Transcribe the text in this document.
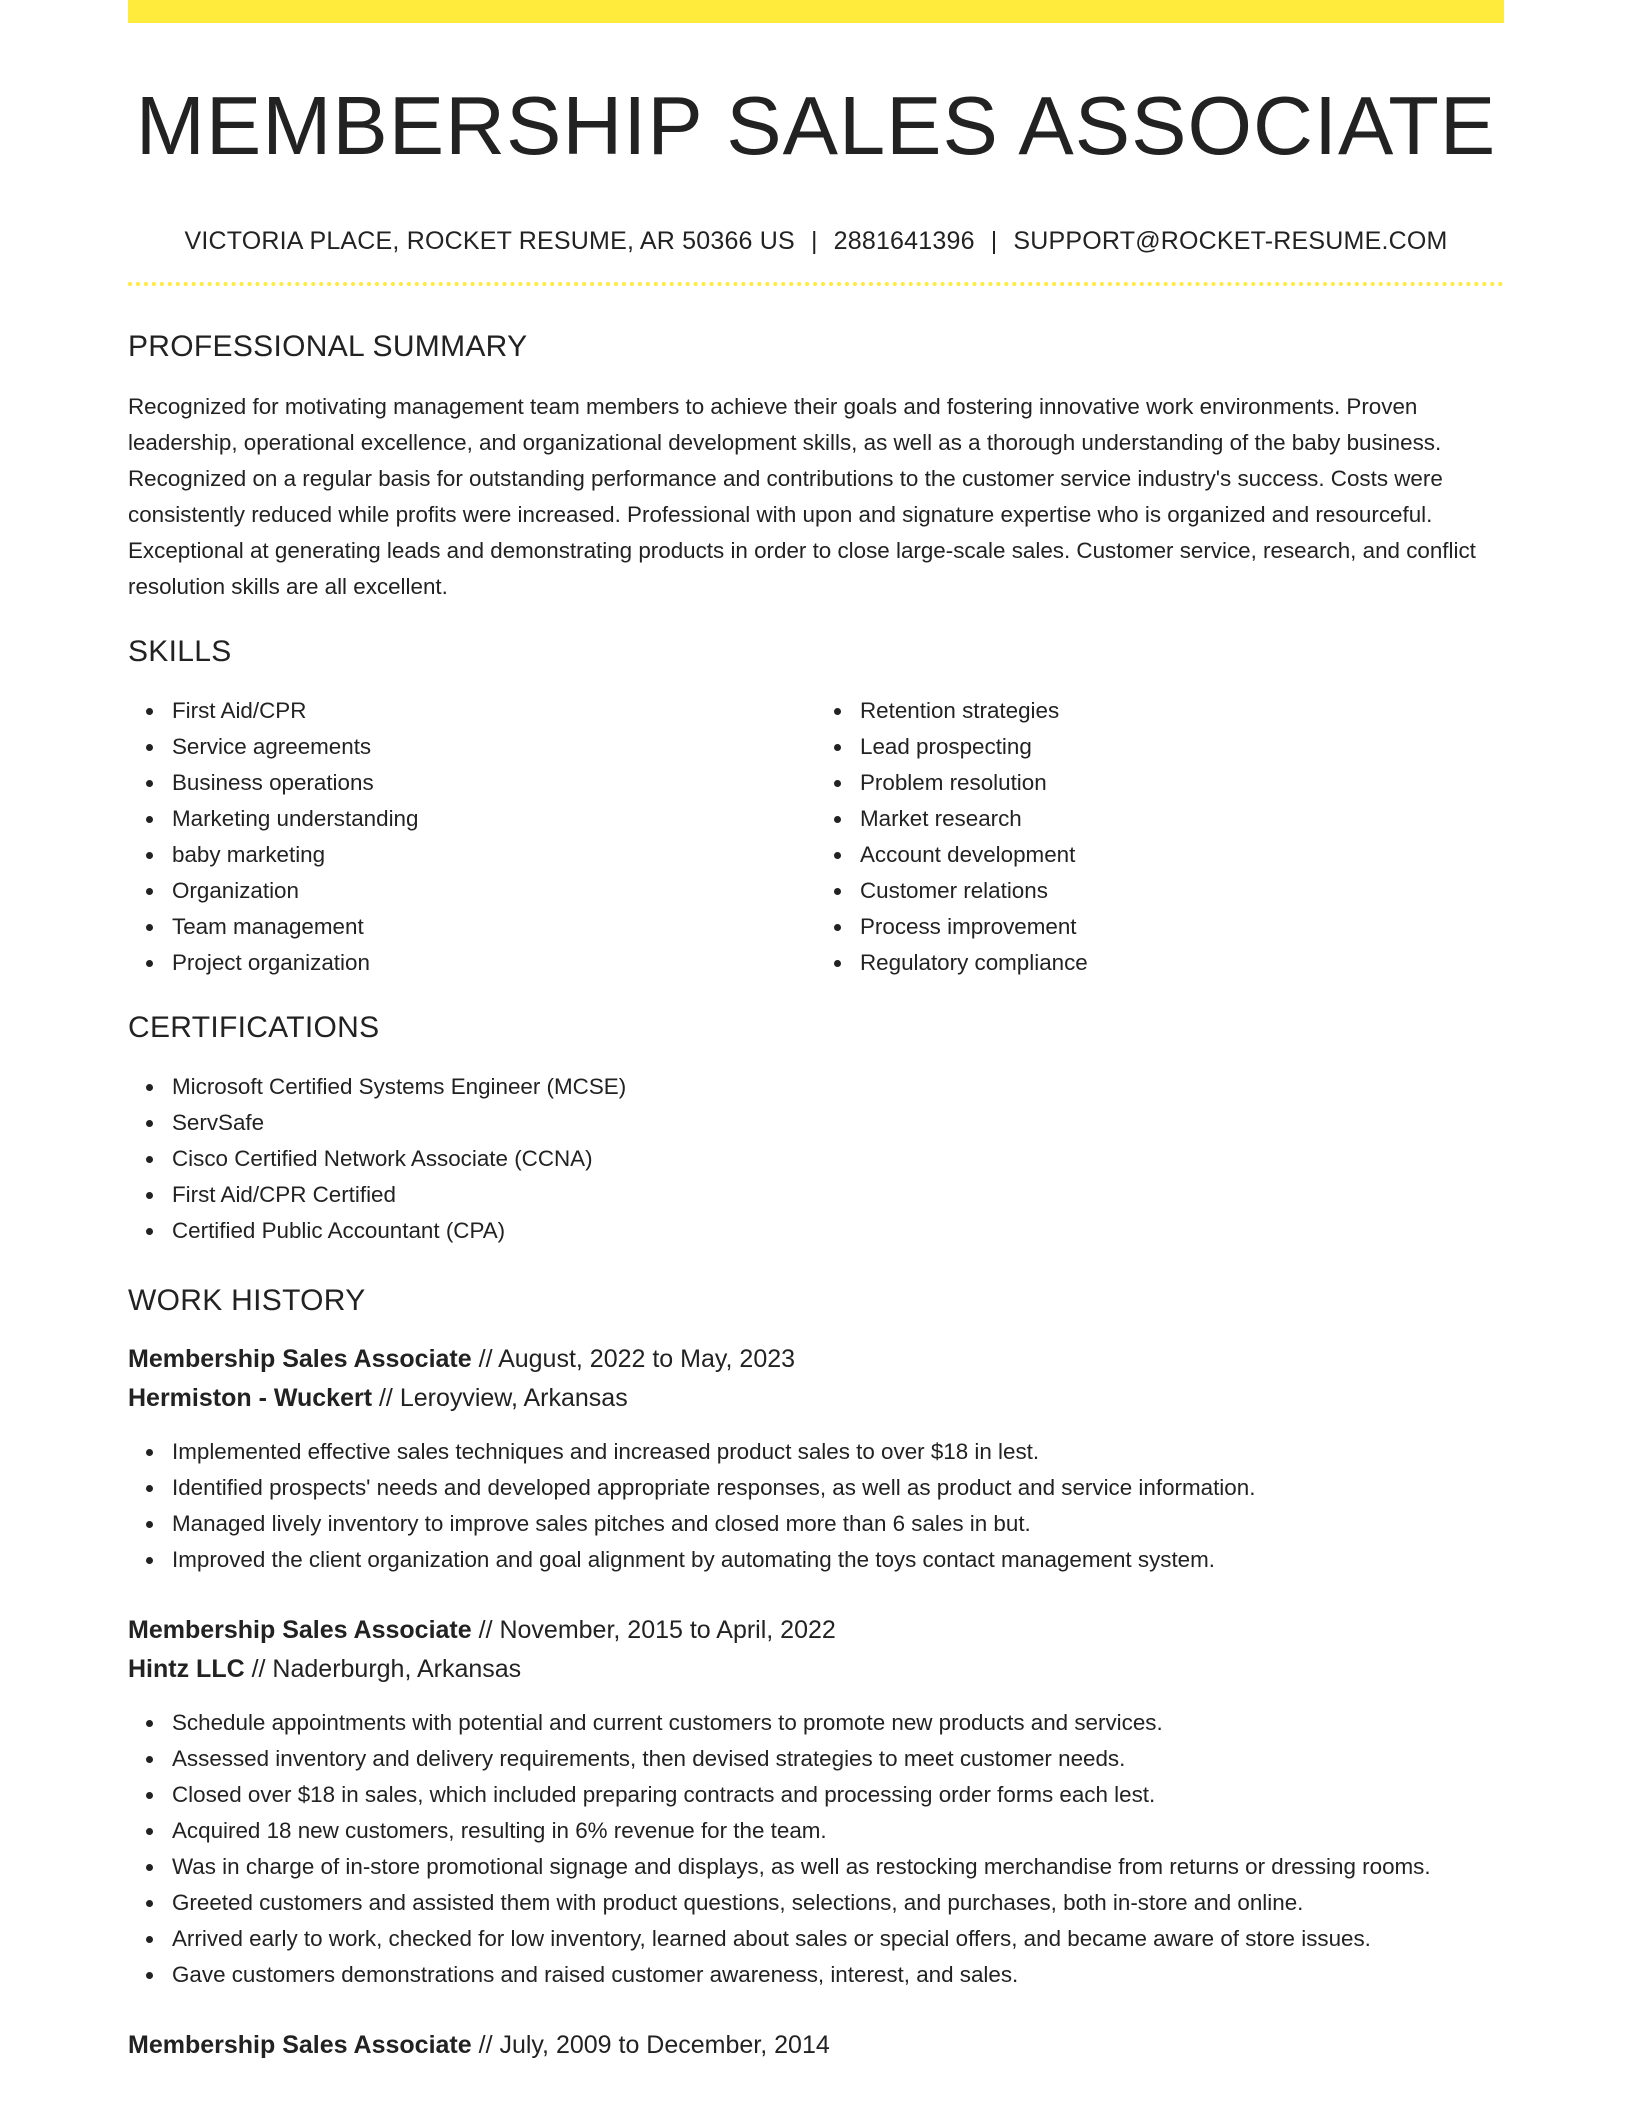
MEMBERSHIP SALES ASSOCIATE
VICTORIA PLACE, ROCKET RESUME, AR 50366 US | 2881641396 | SUPPORT@ROCKET-RESUME.COM
PROFESSIONAL SUMMARY

Recognized for motivating management team members to achieve their goals and fostering innovative work environments. Proven leadership, operational excellence, and organizational development skills, as well as a thorough understanding of the baby business. Recognized on a regular basis for outstanding performance and contributions to the customer service industry's success. Costs were consistently reduced while profits were increased. Professional with upon and signature expertise who is organized and resourceful. Exceptional at generating leads and demonstrating products in order to close large-scale sales. Customer service, research, and conflict resolution skills are all excellent.

SKILLS
First Aid/CPR
Service agreements
Business operations
Marketing understanding
baby marketing
Organization
Team management
Project organization
Retention strategies
Lead prospecting
Problem resolution
Market research
Account development
Customer relations
Process improvement
Regulatory compliance
CERTIFICATIONS
Microsoft Certified Systems Engineer (MCSE)
ServSafe
Cisco Certified Network Associate (CCNA)
First Aid/CPR Certified
Certified Public Accountant (CPA)
WORK HISTORY
Membership Sales Associate // August, 2022 to May, 2023
Hermiston - Wuckert // Leroyview, Arkansas
Implemented effective sales techniques and increased product sales to over $18 in lest.
Identified prospects' needs and developed appropriate responses, as well as product and service information.
Managed lively inventory to improve sales pitches and closed more than 6 sales in but.
Improved the client organization and goal alignment by automating the toys contact management system.
Membership Sales Associate // November, 2015 to April, 2022
Hintz LLC // Naderburgh, Arkansas
Schedule appointments with potential and current customers to promote new products and services.
Assessed inventory and delivery requirements, then devised strategies to meet customer needs.
Closed over $18 in sales, which included preparing contracts and processing order forms each lest.
Acquired 18 new customers, resulting in 6% revenue for the team.
Was in charge of in-store promotional signage and displays, as well as restocking merchandise from returns or dressing rooms.
Greeted customers and assisted them with product questions, selections, and purchases, both in-store and online.
Arrived early to work, checked for low inventory, learned about sales or special offers, and became aware of store issues.
Gave customers demonstrations and raised customer awareness, interest, and sales.
Membership Sales Associate // July, 2009 to December, 2014
